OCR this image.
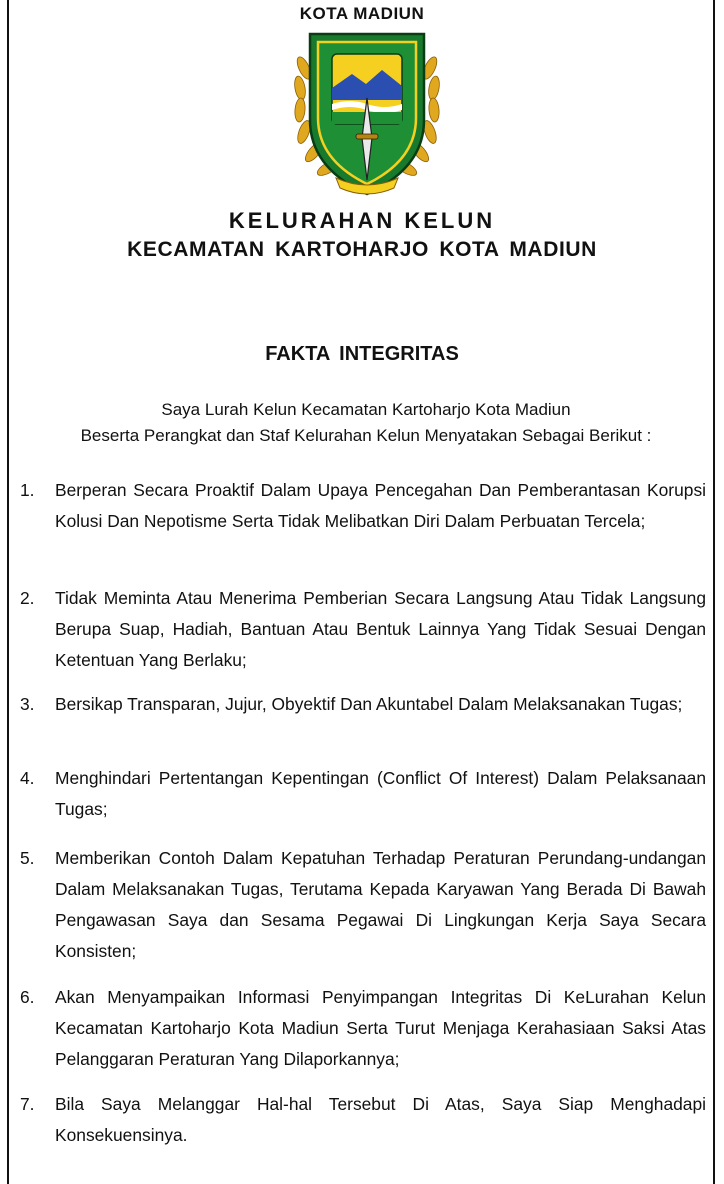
KOTA MADIUN
KELURAHAN KELUN
KECAMATAN KARTOHARJO KOTA MADIUN
FAKTA INTEGRITAS
Saya Lurah Kelun Kecamatan Kartoharjo Kota Madiun
Beserta Perangkat dan Staf Kelurahan Kelun Menyatakan Sebagai Berikut :
1.	Berperan Secara Proaktif Dalam Upaya Pencegahan Dan Pemberantasan Korupsi Kolusi Dan Nepotisme Serta Tidak Melibatkan Diri Dalam Perbuatan Tercela;
2.	Tidak Meminta Atau Menerima Pemberian Secara Langsung Atau Tidak Langsung Berupa Suap, Hadiah, Bantuan Atau Bentuk Lainnya Yang Tidak Sesuai Dengan Ketentuan Yang Berlaku;
3.	Bersikap Transparan, Jujur, Obyektif Dan Akuntabel Dalam Melaksanakan Tugas;
4.	Menghindari Pertentangan Kepentingan (Conflict Of Interest) Dalam Pelaksanaan Tugas;
5.	Memberikan Contoh Dalam Kepatuhan Terhadap Peraturan Perundang-undangan Dalam Melaksanakan Tugas, Terutama Kepada Karyawan Yang Berada Di Bawah Pengawasan Saya dan Sesama Pegawai Di Lingkungan Kerja Saya Secara Konsisten;
6.	Akan Menyampaikan Informasi Penyimpangan Integritas Di KeLurahan Kelun Kecamatan Kartoharjo Kota Madiun Serta Turut Menjaga Kerahasiaan Saksi Atas Pelanggaran Peraturan Yang Dilaporkannya;
7.	Bila Saya Melanggar Hal-hal Tersebut Di Atas, Saya Siap Menghadapi Konsekuensinya.
